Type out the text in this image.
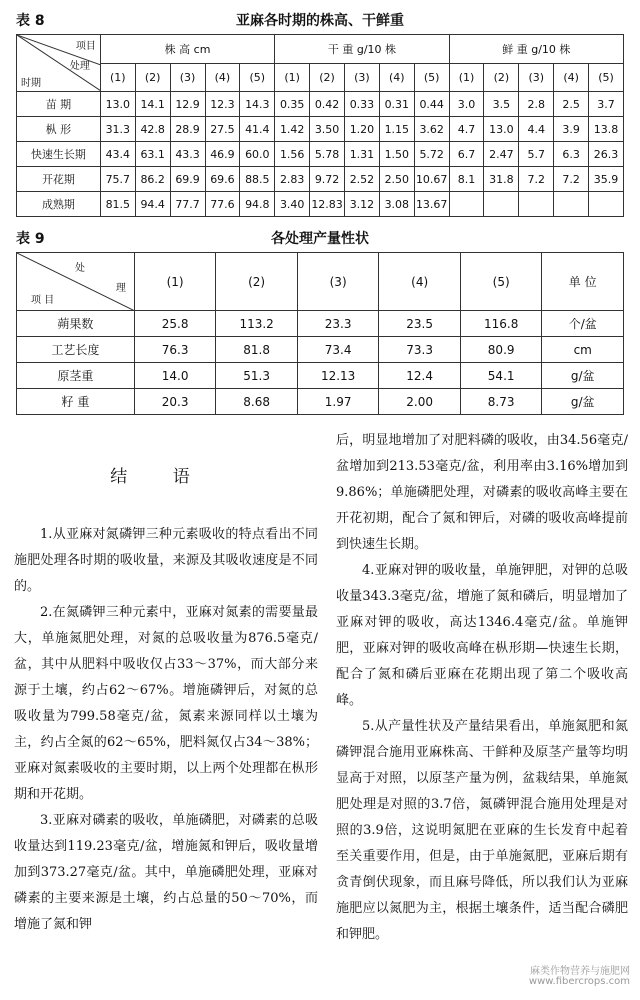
表 8	亚麻各时期的株高、干鲜重
项目
处理
时期	株 高 cm					干 重 g/10 株					鲜 重 g/10 株				
	(1)	(2)	(3)	(4)	(5)	(1)	(2)	(3)	(4)	(5)	(1)	(2)	(3)	(4)	(5)
苗 期	13.0	14.1	12.9	12.3	14.3	0.35	0.42	0.33	0.31	0.44	3.0	3.5	2.8	2.5	3.7
枞 形	31.3	42.8	28.9	27.5	41.4	1.42	3.50	1.20	1.15	3.62	4.7	13.0	4.4	3.9	13.8
快速生长期	43.4	63.1	43.3	46.9	60.0	1.56	5.78	1.31	1.50	5.72	6.7	2.47	5.7	6.3	26.3
开花期	75.7	86.2	69.9	69.6	88.5	2.83	9.72	2.52	2.50	10.67	8.1	31.8	7.2	7.2	35.9
成熟期	81.5	94.4	77.7	77.6	94.8	3.40	12.83	3.12	3.08	13.67					
表 9	各处理产量性状
处
理
项 目	(1)	(2)	(3)	(4)	(5)	单 位
蒴果数	25.8	113.2	23.3	23.5	116.8	个/盆
工艺长度	76.3	81.8	73.4	73.3	80.9	cm
原茎重	14.0	51.3	12.13	12.4	54.1	g/盆
籽 重	20.3	8.68	1.97	2.00	8.73	g/盆

后，明显地增加了对肥料磷的吸收，由34.56毫克/盆增加到213.53毫克/盆，利用率由3.16%增加到9.86%；单施磷肥处理，对磷素的吸收高峰主要在开花初期，配合了氮和钾后，对磷的吸收高峰提前到快速生长期。

4.亚麻对钾的吸收量，单施钾肥，对钾的总吸收量343.3毫克/盆，增施了氮和磷后，明显增加了亚麻对钾的吸收，高达1346.4毫克/盆。单施钾肥，亚麻对钾的吸收高峰在枞形期—快速生长期，配合了氮和磷后亚麻在花期出现了第二个吸收高峰。

5.从产量性状及产量结果看出，单施氮肥和氮磷钾混合施用亚麻株高、干鲜种及原茎产量等均明显高于对照，以原茎产量为例，盆栽结果，单施氮肥处理是对照的3.7倍，氮磷钾混合施用处理是对照的3.9倍，这说明氮肥在亚麻的生长发育中起着至关重要作用，但是，由于单施氮肥，亚麻后期有贪青倒伏现象，而且麻号降低，所以我们认为亚麻施肥应以氮肥为主，根据土壤条件，适当配合磷肥和钾肥。

结 语

1.从亚麻对氮磷钾三种元素吸收的特点看出不同施肥处理各时期的吸收量，来源及其吸收速度是不同的。

2.在氮磷钾三种元素中，亚麻对氮素的需要量最大，单施氮肥处理，对氮的总吸收量为876.5毫克/盆，其中从肥料中吸收仅占33～37%，而大部分来源于土壤，约占62～67%。增施磷钾后，对氮的总吸收量为799.58毫克/盆，氮素来源同样以土壤为主，约占全氮的62～65%，肥料氮仅占34～38%；亚麻对氮素吸收的主要时期，以上两个处理都在枞形期和开花期。

3.亚麻对磷素的吸收，单施磷肥，对磷素的总吸收量达到119.23毫克/盆，增施氮和钾后，吸收量增加到373.27毫克/盆。其中，单施磷肥处理，亚麻对磷素的主要来源是土壤，约占总量的50～70%，而增施了氮和钾

麻类作物营养与施肥网
www.fibercrops.com
